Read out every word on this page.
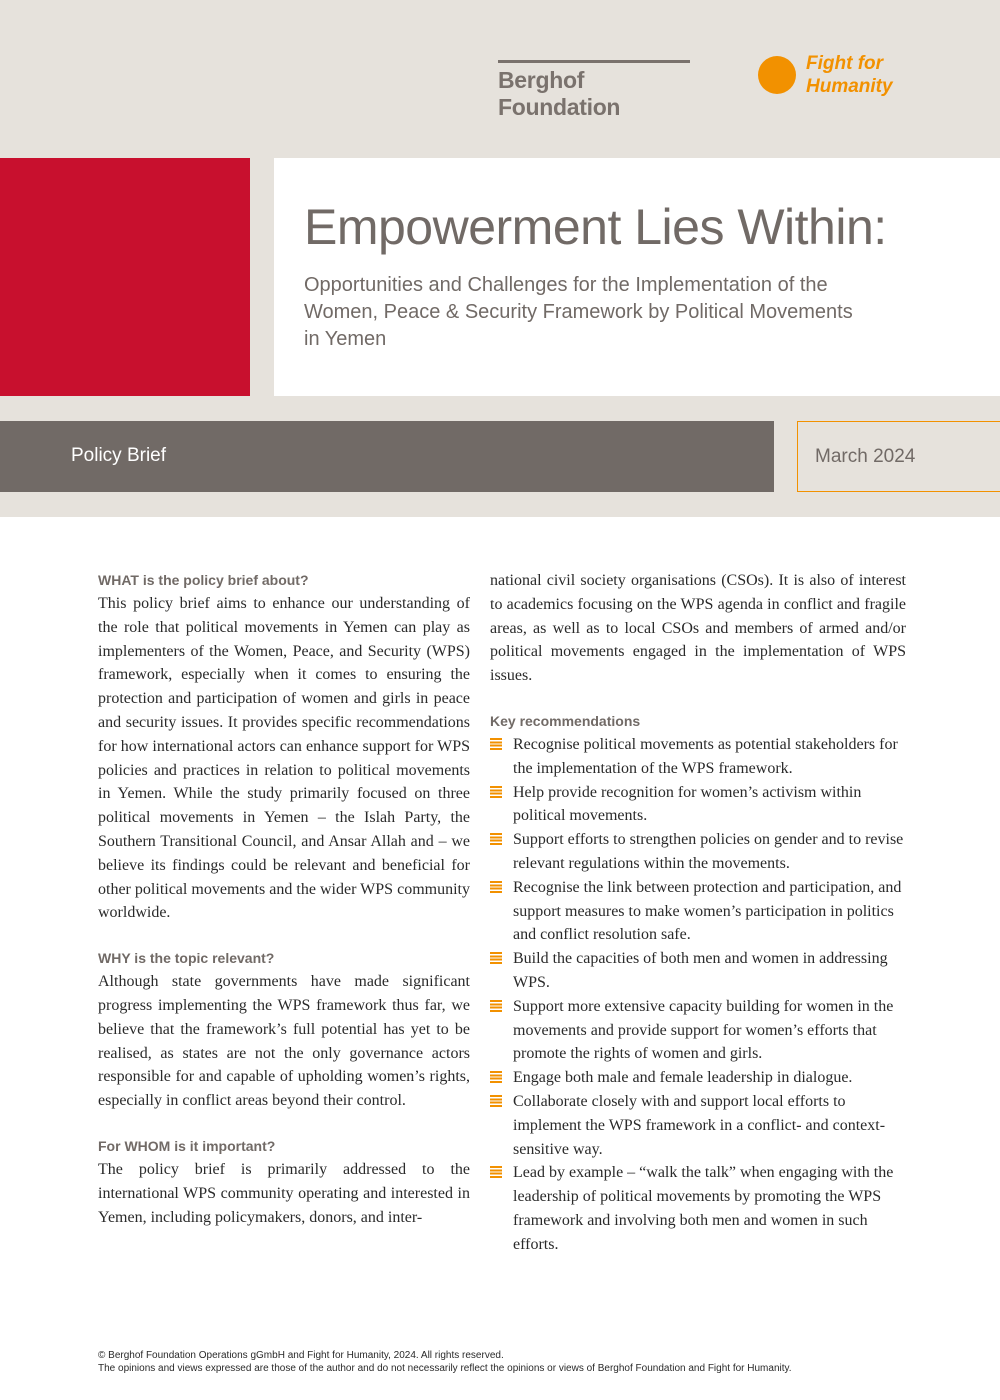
Berghof Foundation
Fight for
Humanity
Empowerment Lies Within:
Opportunities and Challenges for the Implementation of the Women, Peace & Security Framework by Political Movements in Yemen
Policy Brief	March 2024
WHAT is the policy brief about?

This policy brief aims to enhance our understanding of the role that political movements in Yemen can play as implementers of the Women, Peace, and Security (WPS) framework, especially when it comes to ensuring the protection and participation of women and girls in peace and security issues. It provides specific recommendations for how international actors can enhance support for WPS policies and practices in relation to political movements in Yemen. While the study primarily focused on three political movements in Yemen – the Islah Party, the Southern Transitional Council, and Ansar Allah and – we believe its findings could be relevant and beneficial for other political movements and the wider WPS community worldwide.

WHY is the topic relevant?

Although state governments have made significant progress implementing the WPS framework thus far, we believe that the framework’s full potential has yet to be realised, as states are not the only governance actors responsible for and capable of upholding women’s rights, especially in conflict areas beyond their control.

For WHOM is it important?

The policy brief is primarily addressed to the international WPS community operating and interested in Yemen, including policymakers, donors, and inter-

national civil society organisations (CSOs). It is also of interest to academics focusing on the WPS agenda in conflict and fragile areas, as well as to local CSOs and members of armed and/or political movements engaged in the implementation of WPS issues.

Key recommendations
Recognise political movements as potential stakeholders for the implementation of the WPS framework.
Help provide recognition for women’s activism within political movements.
Support efforts to strengthen policies on gender and to revise relevant regulations within the movements.
Recognise the link between protection and participation, and support measures to make women’s participation in politics and conflict resolution safe.
Build the capacities of both men and women in addressing WPS.
Support more extensive capacity building for women in the movements and provide support for women’s efforts that promote the rights of women and girls.
Engage both male and female leadership in dialogue.
Collaborate closely with and support local efforts to implement the WPS framework in a conflict- and context-sensitive way.
Lead by example – “walk the talk” when engaging with the leadership of political movements by promoting the WPS framework and involving both men and women in such efforts.
© Berghof Foundation Operations gGmbH and Fight for Humanity, 2024. All rights reserved.
The opinions and views expressed are those of the author and do not necessarily reflect the opinions or views of Berghof Foundation and Fight for Humanity.
